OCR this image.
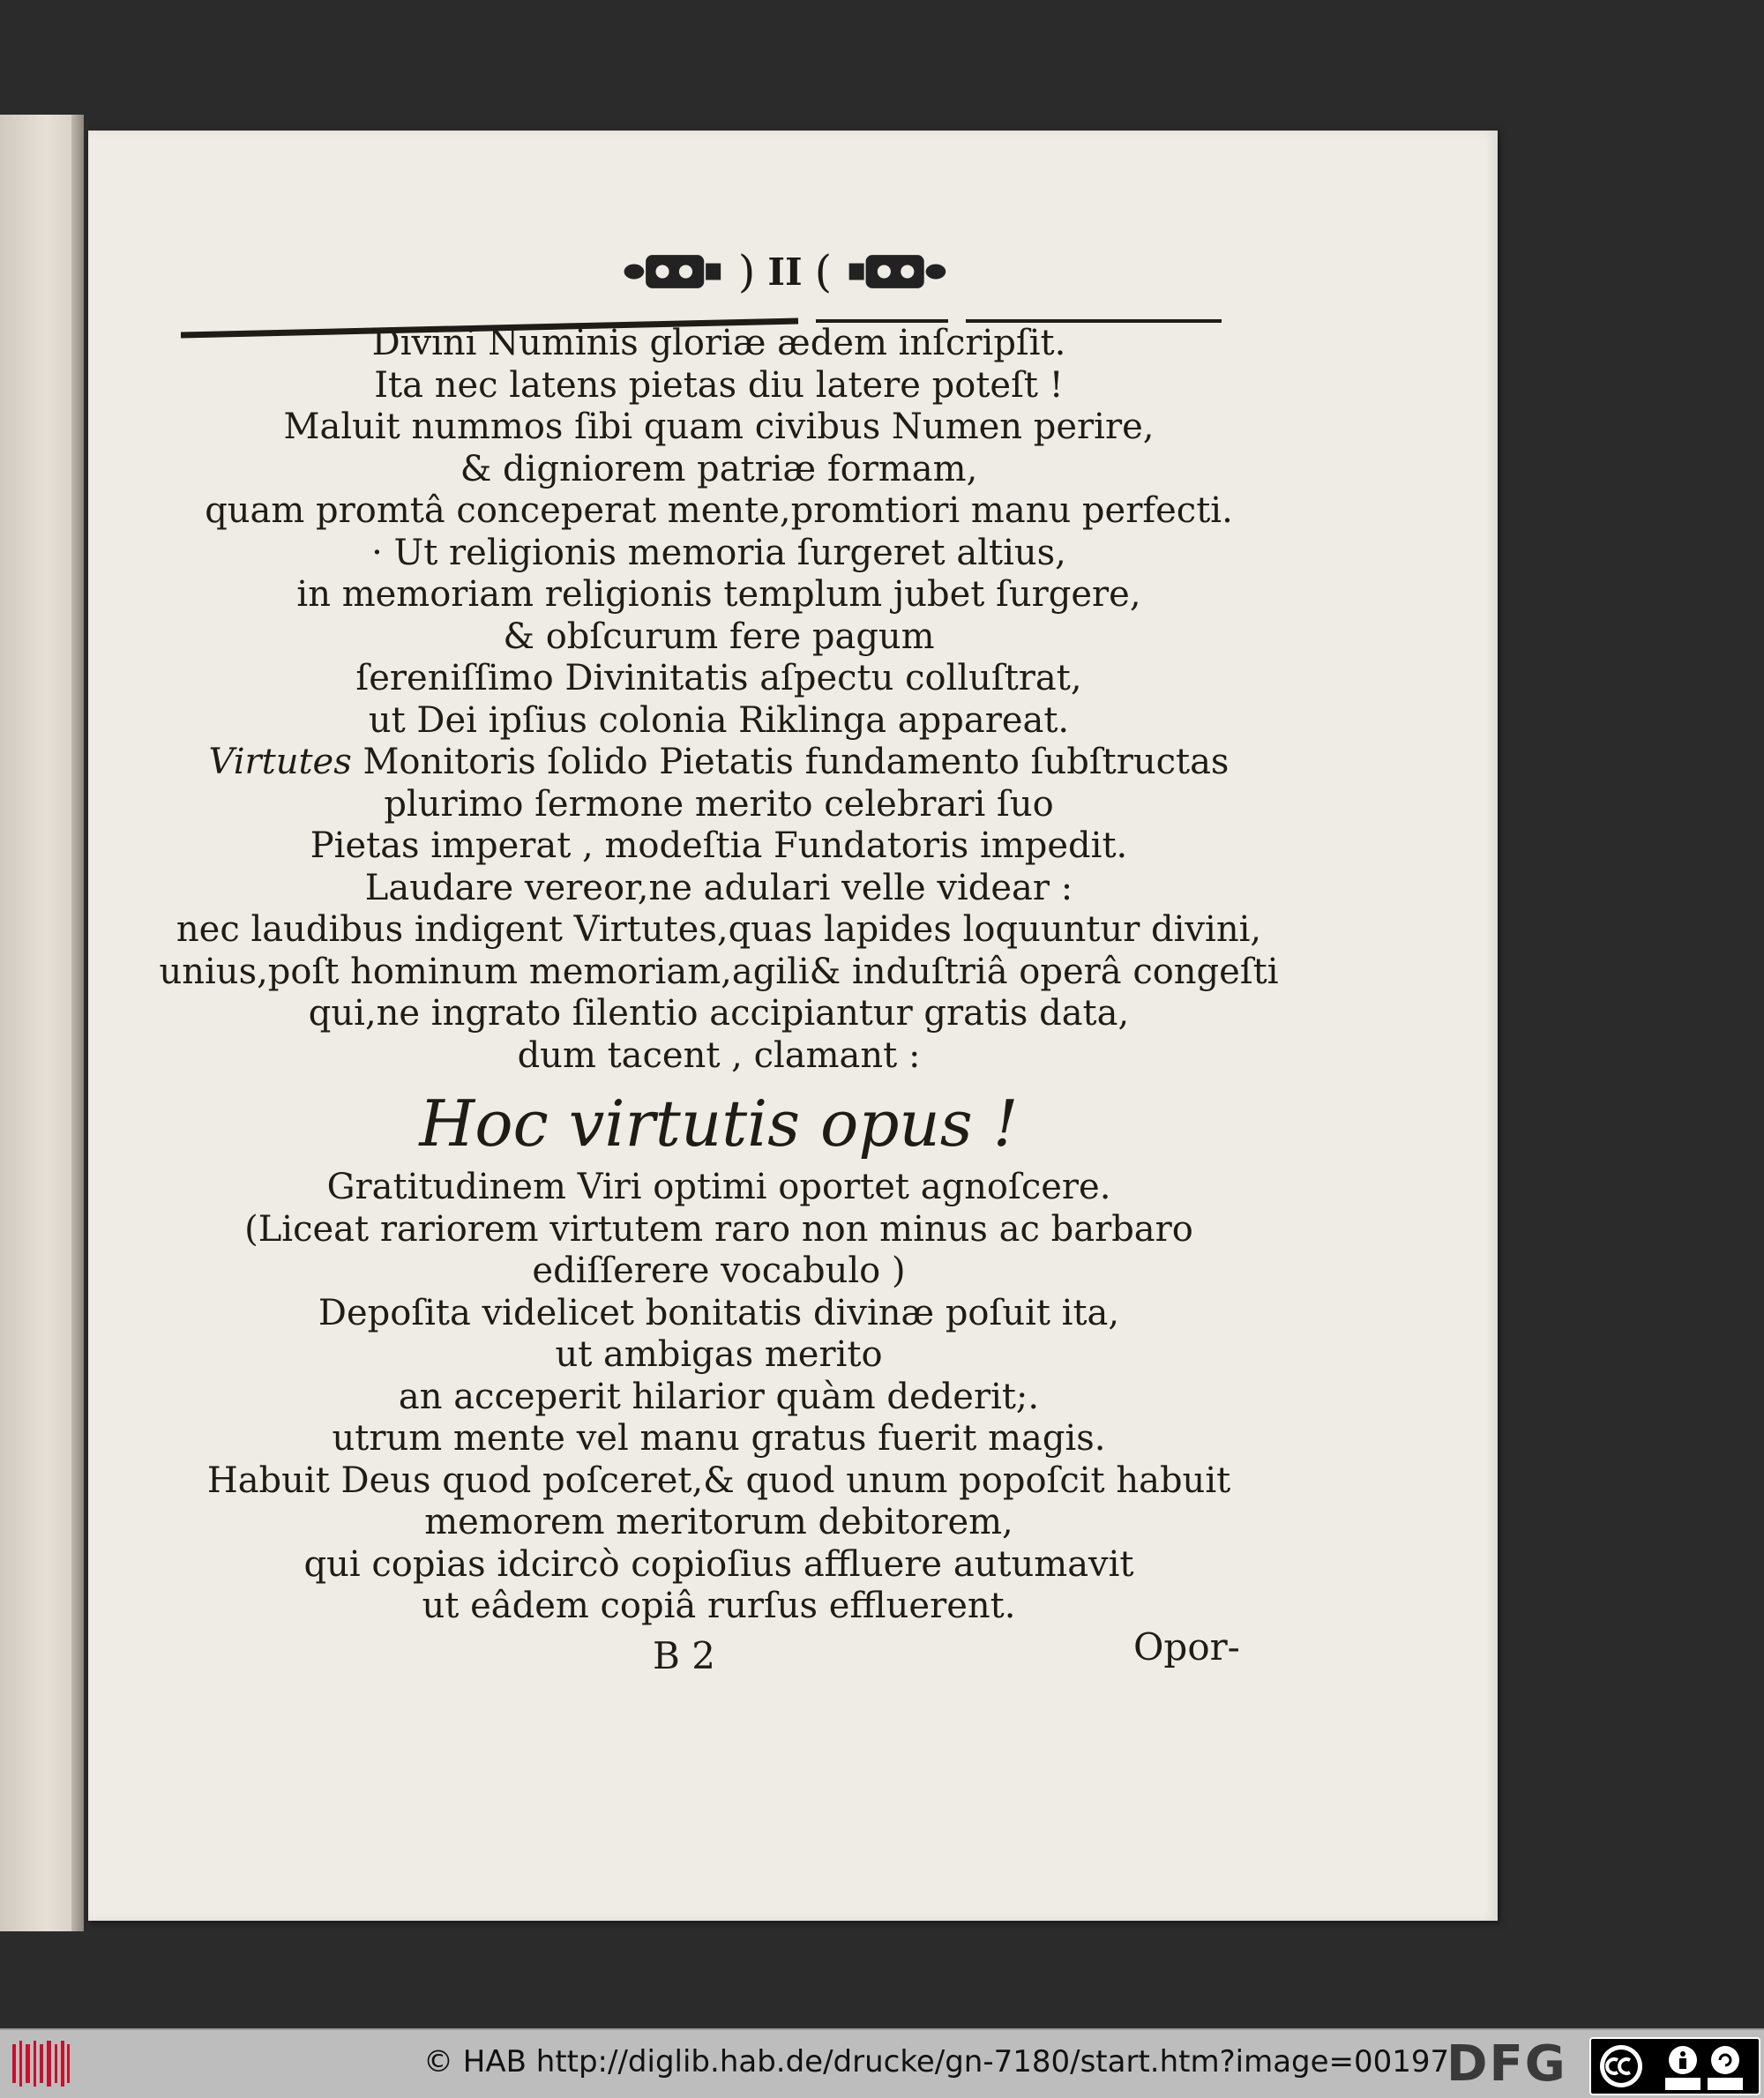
) II (
Divini Numinis gloriæ ædem inſcripſit.
Ita nec latens pietas diu latere poteſt !
Maluit nummos ſibi quam civibus Numen perire,
& digniorem patriæ formam,
quam promtâ conceperat mente,promtiori manu perfecti.
· Ut religionis memoria ſurgeret altius,
in memoriam religionis templum jubet ſurgere,
& obſcurum fere pagum
ſereniſſimo Divinitatis aſpectu colluſtrat,
ut Dei ipſius colonia Riklinga appareat.
Virtutes Monitoris ſolido Pietatis fundamento ſubſtructas
plurimo ſermone merito celebrari ſuo
Pietas imperat , modeſtia Fundatoris impedit.
Laudare vereor,ne adulari velle videar :
nec laudibus indigent Virtutes,quas lapides loquuntur divini,
unius,poſt hominum memoriam,agili& induſtriâ operâ congeſti
qui,ne ingrato ſilentio accipiantur gratis data,
dum tacent , clamant :
Hoc virtutis opus !
Gratitudinem Viri optimi oportet agnoſcere.
(Liceat rariorem virtutem raro non minus ac barbaro
ediſſerere vocabulo )
Depoſita videlicet bonitatis divinæ poſuit ita,
ut ambigas merito
an acceperit hilarior quàm dederit;.
utrum mente vel manu gratus fuerit magis.
Habuit Deus quod poſceret,& quod unum popoſcit habuit
memorem meritorum debitorem,
qui copias idcircò copioſius affluere autumavit
ut eâdem copiâ rurſus effluerent.
B 2	Opor-
© HAB http://diglib.hab.de/drucke/gn-7180/start.htm?image=00197
DFG
